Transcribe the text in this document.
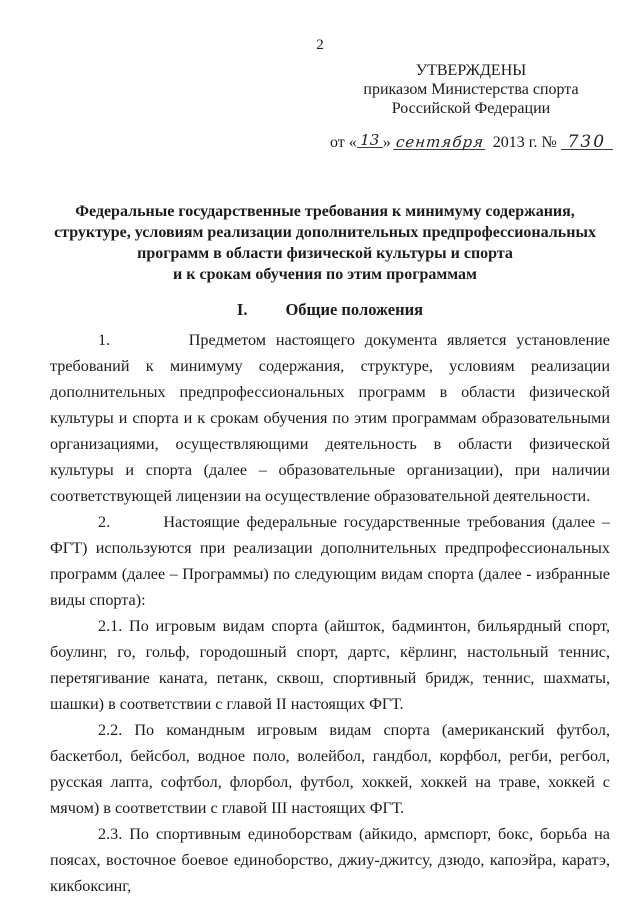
2
УТВЕРЖДЕНЫ
приказом Министерства спорта
Российской Федерации
от « 13 » сентября 2013 г. № 730
Федеральные государственные требования к минимуму содержания,
структуре, условиям реализации дополнительных предпрофессиональных
программ в области физической культуры и спорта
и к срокам обучения по этим программам
I. Общие положения

1.        Предметом настоящего документа является установление требований к минимуму содержания, структуре, условиям реализации дополнительных предпрофессиональных программ в области физической культуры и спорта и к срокам обучения по этим программам образовательными организациями, осуществляющими деятельность в области физической культуры и спорта (далее – образовательные организации), при наличии соответствующей лицензии на осуществление образовательной деятельности.

2.        Настоящие федеральные государственные требования (далее – ФГТ) используются при реализации дополнительных предпрофессиональных программ (далее – Программы) по следующим видам спорта (далее - избранные виды спорта):

2.1. По игровым видам спорта (айшток, бадминтон, бильярдный спорт, боулинг, го, гольф, городошный спорт, дартс, кёрлинг, настольный теннис, перетягивание каната, петанк, сквош, спортивный бридж, теннис, шахматы, шашки) в соответствии с главой II настоящих ФГТ.

2.2. По командным игровым видам спорта (американский футбол, баскетбол, бейсбол, водное поло, волейбол, гандбол, корфбол, регби, регбол, русская лапта, софтбол, флорбол, футбол, хоккей, хоккей на траве, хоккей с мячом) в соответствии с главой III настоящих ФГТ.

2.3. По спортивным единоборствам (айкидо, армспорт, бокс, борьба на поясах, восточное боевое единоборство, джиу-джитсу, дзюдо, капоэйра, каратэ, кикбоксинг,
